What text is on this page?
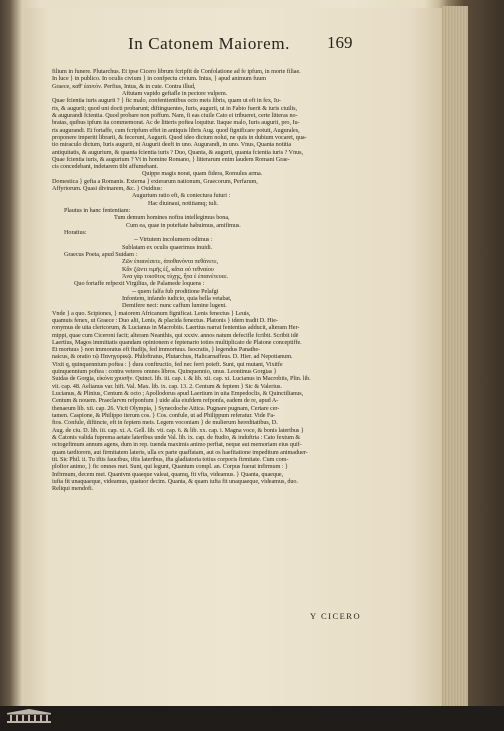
In Catonem Maiorem. 169
filium in funere. Plutarchus. Et ipse Cicero librum fcripfit de Confolatione ad fe ipfum, in morte filiae.
In luce } in publico. In oculis civium } in confpectu civium. Intus, } apud animum fuum
Graece, καθ' ἑαυτόν. Perfius, Intus, & in cute. Contra illud,
Aftutam vapido geftafle in pectore vulpem.
Quae fcientia iuris augurii ? } fic malo, confentientibus octo meis libris, quam ut eft in fex, Iu-
ris, & augurii; quod uni docti probarunt; diftinguentes, Iuris, augurii, ut in Fabio fuerit & iuris ciuilis,
& augurandi fcientia. Quod probare non poffum. Nam, fi eas ciuile Cato ei tribueret, certe litteras no-
bratas, quibus ipfum ita commemorat. Ac de litteris poftea loquitur. Itaque malo, Iuris augurii, pro, Iu-
ris augurandi. Et fortaffe, cum fcripfum effet in antiquis libris Aug. quod fignificare potuit, Augurales,
proponere imperiti librarii, & fecerunt, Augurii. Quod ideo dictum nolui, ne quis in dubium vocaret, qua-
tio miraculo dictum, Iuris augurii, ni Augurii deeft in uno. Augurandi, in uno. Vnus, Quanta notitia
antiquitatis, & augurium, & quanta fcientia iuris ? Duo, Quanta, & augurii, quanta fcientia iuris ? Vnus,
Quae fcientia iuris, & augurium ? Vt in homine Romano, } litterarum enim laudem Romani Grae-
cis concedebant, indetarem tibi affumebant.
Quippe magis norat, quam fidera, Romulus arma.
Domestica } gefta a Romanis. Externa } exterarum nationum, Graecorum, Perfarum,
Affyriorum. Quasi divinarem, &c. } Ouidius:
Augurium ratio eft, & coniectura futuri :
Hac diuinaui, notitiamq; tuli.
Plautus in hanc fententiam:
Tum demum homines noftra intellegimus bona,
Cum ea, quae in poteftate habuimus, amifimus.
Horatius:
-- Virtutem incolumem odimus :
Sublatam ex oculis quaerimus inuidi.
Graecus Poeta, apud Suidam :
Ζῶν ἐπαινέσετε, ἀποθανόντα πεθάνετε,
Κἂν ζῶντι τιμῆς ἐξ, κἄτα οὐ τεθναίου
Ἀνα γὰρ τοιοῦτος τύχῃς, ἦτα ἐ ἐπαινέτευεε.
Quo fortaffe refpexit Virgilius, de Palamede loquens :
-- quem falfa fub proditione Pelafgi
Infontem, infando iudicio, quia bella vetabat,
Demifere neci: nunc caffum lumine lugent.
Vnde } a quo. Scipiones, } maiorem Africanum fignificat. Lenis fenectus } Leuis,
quamuis fenex, ut Graece : Duo alii, Lenis, & placida fenectus. Platonis } idem tradit D. Hie-
ronymus de uita clericorum, & Lucianus in Macrobiis. Laertius narrat fententias adducit, alteram Her-
mippi, quae cum Ciceroni facit; alteram Neanthis, qui xxxiv. annos natum defecifle fcribit. Scribit idē
Laertius, Magos immittatis quandam opinionem e feptenario toties multiplicato de Platone conceptiffe.
Et mortuus } non immoratus eft ftudijs, fed immortuus. Isocratis, } legendus Panathe-
naicus, & oratio τῷ Πανηγυρικῷ. Philoftratus, Plutarchus, Halicarnaffeus. D. Hier. ad Nepotianum.
Vixit q, quinquennium poftea : } dura conftructio, fed nec ferri poteft. Sunt, qui mutant, Vixitfe
quinquennium poftea : contra veteres omnes libros. Quinquennio, unus. Leontinus Gorgias }
Suidas de Gorgia, εἰκόνα χρυσῆν. Quinct. lib. iii. cap. i. & lib. xii. cap. xi. Lucianus in Macrobiis, Plin. lib.
vii. cap. 48. Aelianus var. hift. Val. Max. lib. ix. cap. 13. 2. Centum & feptem } Sic & Valerius.
Lucianus, & Plinius, Centum & octo ; Apollodorus apud Laertium in uita Empedoclis, & Quinctilianus,
Centum & nouem. Praeclarvm refponfum } uide alia eiufdem refponfa, eadem de re, apud A-
thenaeum lib. xii. cap. 26. Vicit Olympia, } Synecdoche Attica. Pugnare pugnam, Certare cer-
tamen. Caspione, & Philippo iterum cos. } Cos. confule, ut ad Philippum referatur. Vide Fa-
ftos. Confule, diftincte, eft in feptem meis. Legem voconiam } de mulierum hereditatibus, D.
Aug. de ciu. D. lib. iii. cap. xi. A. Gell. lib. vii. cap. 6. & lib. xx. cap. i. Magna voce, & bonis lateribus }
& Catonis valida fuprema aetate lateribus unde Val. lib. ix. cap. de ftudio, & induftria : Cato fextum &
octogefimum annum agens, dum in rep. tuenda maximis animo perftat, neque aut memoriam eius quif-
quam tardiorem, aut firmitatem lateris, ulla ex parte quaffatam, aut os haefitatione impeditum animaduer-
tit. Sic Phil. ii. Tu iftis faucibus, iftis lateribus, ifta gladiatoria totius corporis firmitate. Cum com-
plofior animo, } fic omnes mei. Sunt, qui legunt, Quantum compl. an. Corpus fuerat infirmum : }
Infirmum, decem mei. Quantvm quaeque valeat, quamq, fit vfta, videamus. } Quanta, quaeque,
iufta fit unaquaeque, videamus, quatuor decim. Quanta, & quam iufta fit unaquaeque, videamus, duo.
Reliqui mendofi.
Y CICERO
